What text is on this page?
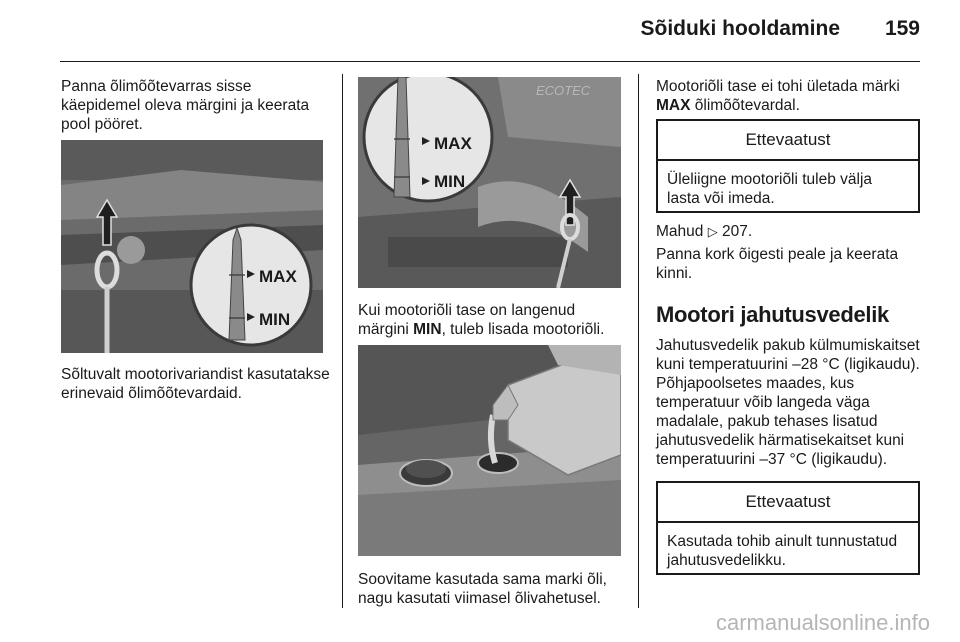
Sõiduki hooldamine	159

Panna õlimõõtevarras sisse käepidemel oleva märgini ja keerata pool pööret.

MAX
MIN

Sõltuvalt mootorivariandist kasutatakse erinevaid õlimõõtevardaid.

ECOTEC
MAX
MIN

Kui mootoriõli tase on langenud märgini MIN, tuleb lisada mootoriõli.

Soovitame kasutada sama marki õli, nagu kasutati viimasel õlivahetusel.

Mootoriõli tase ei tohi ületada märki MAX õlimõõtevardal.

Ettevaatust
Üleliigne mootoriõli tuleb välja lasta või imeda.

Mahud ▷ 207.

Panna kork õigesti peale ja keerata kinni.

Mootori jahutusvedelik

Jahutusvedelik pakub külmumiskaitset kuni temperatuurini –28 °C (ligikaudu). Põhjapoolsetes maades, kus temperatuur võib langeda väga madalale, pakub tehases lisatud jahutusvedelik härmatisekaitset kuni temperatuurini –37 °C (ligikaudu).

Ettevaatust
Kasutada tohib ainult tunnustatud jahutusvedelikku.
carmanualsonline.info
